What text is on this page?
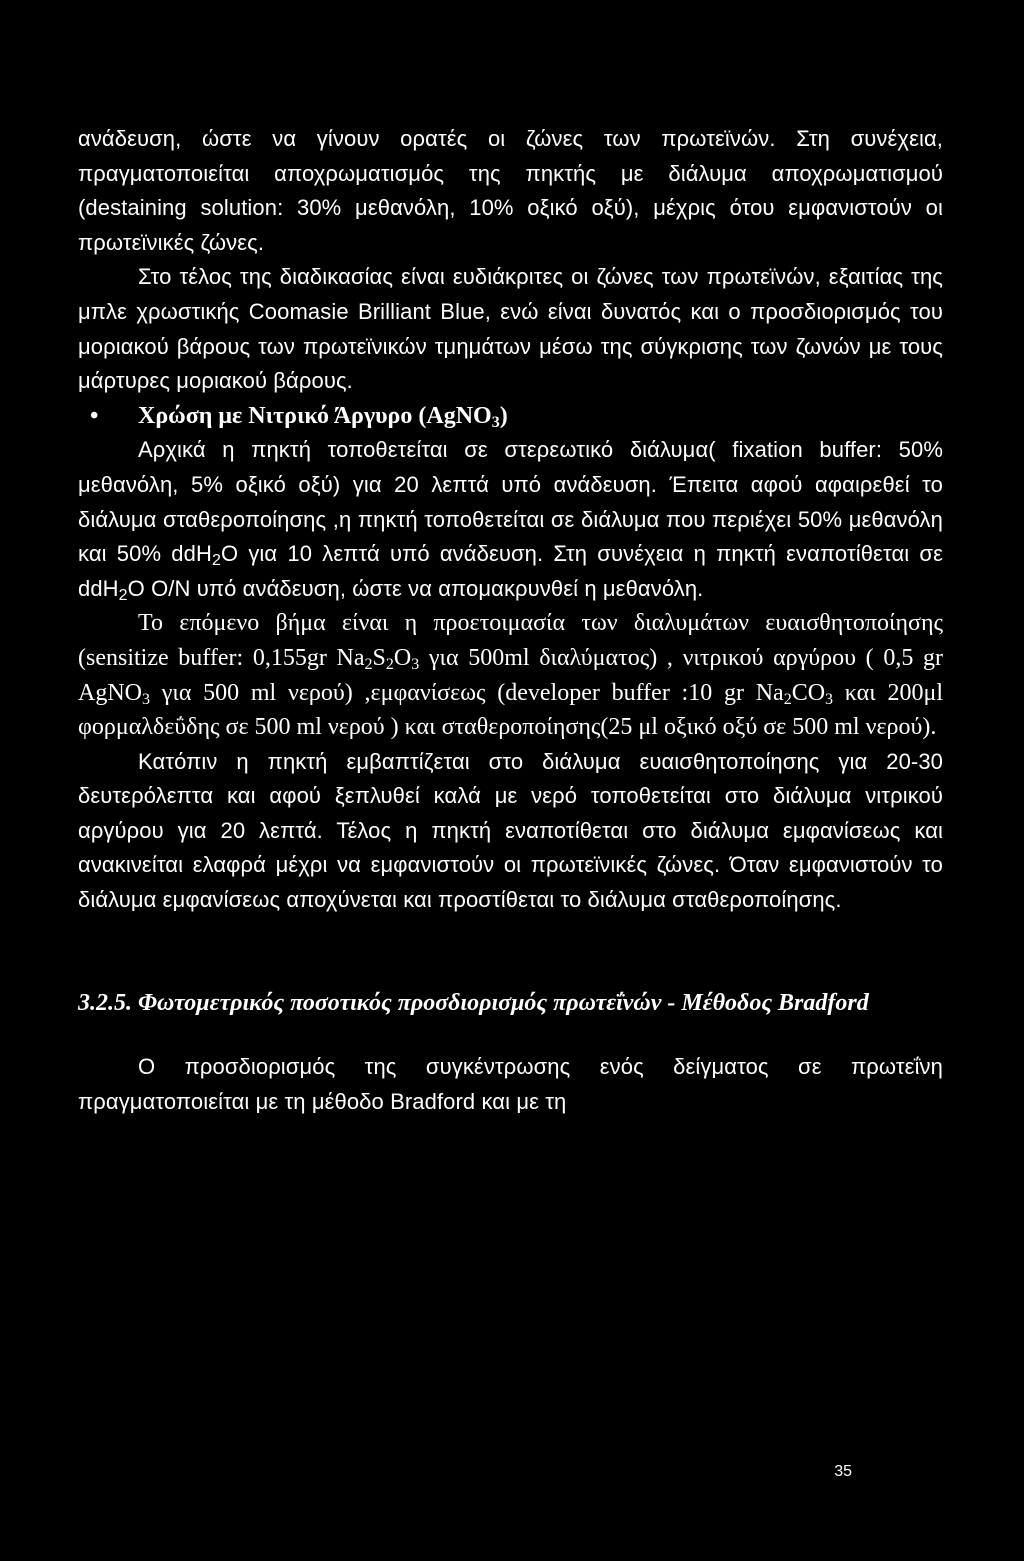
ανάδευση, ώστε να γίνουν ορατές οι ζώνες των πρωτεϊνών. Στη συνέχεια, πραγματοποιείται αποχρωματισμός της πηκτής με διάλυμα αποχρωματισμού (destaining solution: 30% μεθανόλη, 10% οξικό οξύ), μέχρις ότου εμφανιστούν οι πρωτεϊνικές ζώνες.

Στο τέλος της διαδικασίας είναι ευδιάκριτες οι ζώνες των πρωτεϊνών, εξαιτίας της μπλε χρωστικής Coomasie Brilliant Blue, ενώ είναι δυνατός και ο προσδιορισμός του μοριακού βάρους των πρωτεϊνικών τμημάτων μέσω της σύγκρισης των ζωνών με τους μάρτυρες μοριακού βάρους.

• Χρώση με Νιτρικό Άργυρο (AgNO$_3$)

Αρχικά η πηκτή τοποθετείται σε στερεωτικό διάλυμα( fixation buffer: 50% μεθανόλη, 5% οξικό οξύ) για 20 λεπτά υπό ανάδευση. Έπειτα αφού αφαιρεθεί το διάλυμα σταθεροποίησης ,η πηκτή τοποθετείται σε διάλυμα που περιέχει 50% μεθανόλη και 50% ddH$_2$O για 10 λεπτά υπό ανάδευση. Στη συνέχεια η πηκτή εναποτίθεται σε ddH$_2$O O/N υπό ανάδευση, ώστε να απομακρυνθεί η μεθανόλη.

Το επόμενο βήμα είναι η προετοιμασία των διαλυμάτων ευαισθητοποίησης (sensitize buffer: 0,155gr $Na_2S_2O_3$ για 500ml διαλύματος) , νιτρικού αργύρου ( 0,5 gr AgNO$_3$ για 500 ml νερού) ,εμφανίσεως (developer buffer :10 gr $Na_2CO_3$ και 200μl φορμαλδεΰδης σε 500 ml νερού ) και σταθεροποίησης(25 μl οξικό οξύ σε 500 ml νερού).

Κατόπιν η πηκτή εμβαπτίζεται στο διάλυμα ευαισθητοποίησης για 20-30 δευτερόλεπτα και αφού ξεπλυθεί καλά με νερό τοποθετείται στο διάλυμα νιτρικού αργύρου για 20 λεπτά. Τέλος η πηκτή εναποτίθεται στο διάλυμα εμφανίσεως και ανακινείται ελαφρά μέχρι να εμφανιστούν οι πρωτεϊνικές ζώνες. Όταν εμφανιστούν το διάλυμα εμφανίσεως αποχύνεται και προστίθεται το διάλυμα σταθεροποίησης.

3.2.5. Φωτομετρικός ποσοτικός προσδιορισμός πρωτεΐνών - Μέθοδος Bradford

Ο προσδιορισμός της συγκέντρωσης ενός δείγματος σε πρωτεΐνη πραγματοποιείται με τη μέθοδο Bradford και με τη

35
